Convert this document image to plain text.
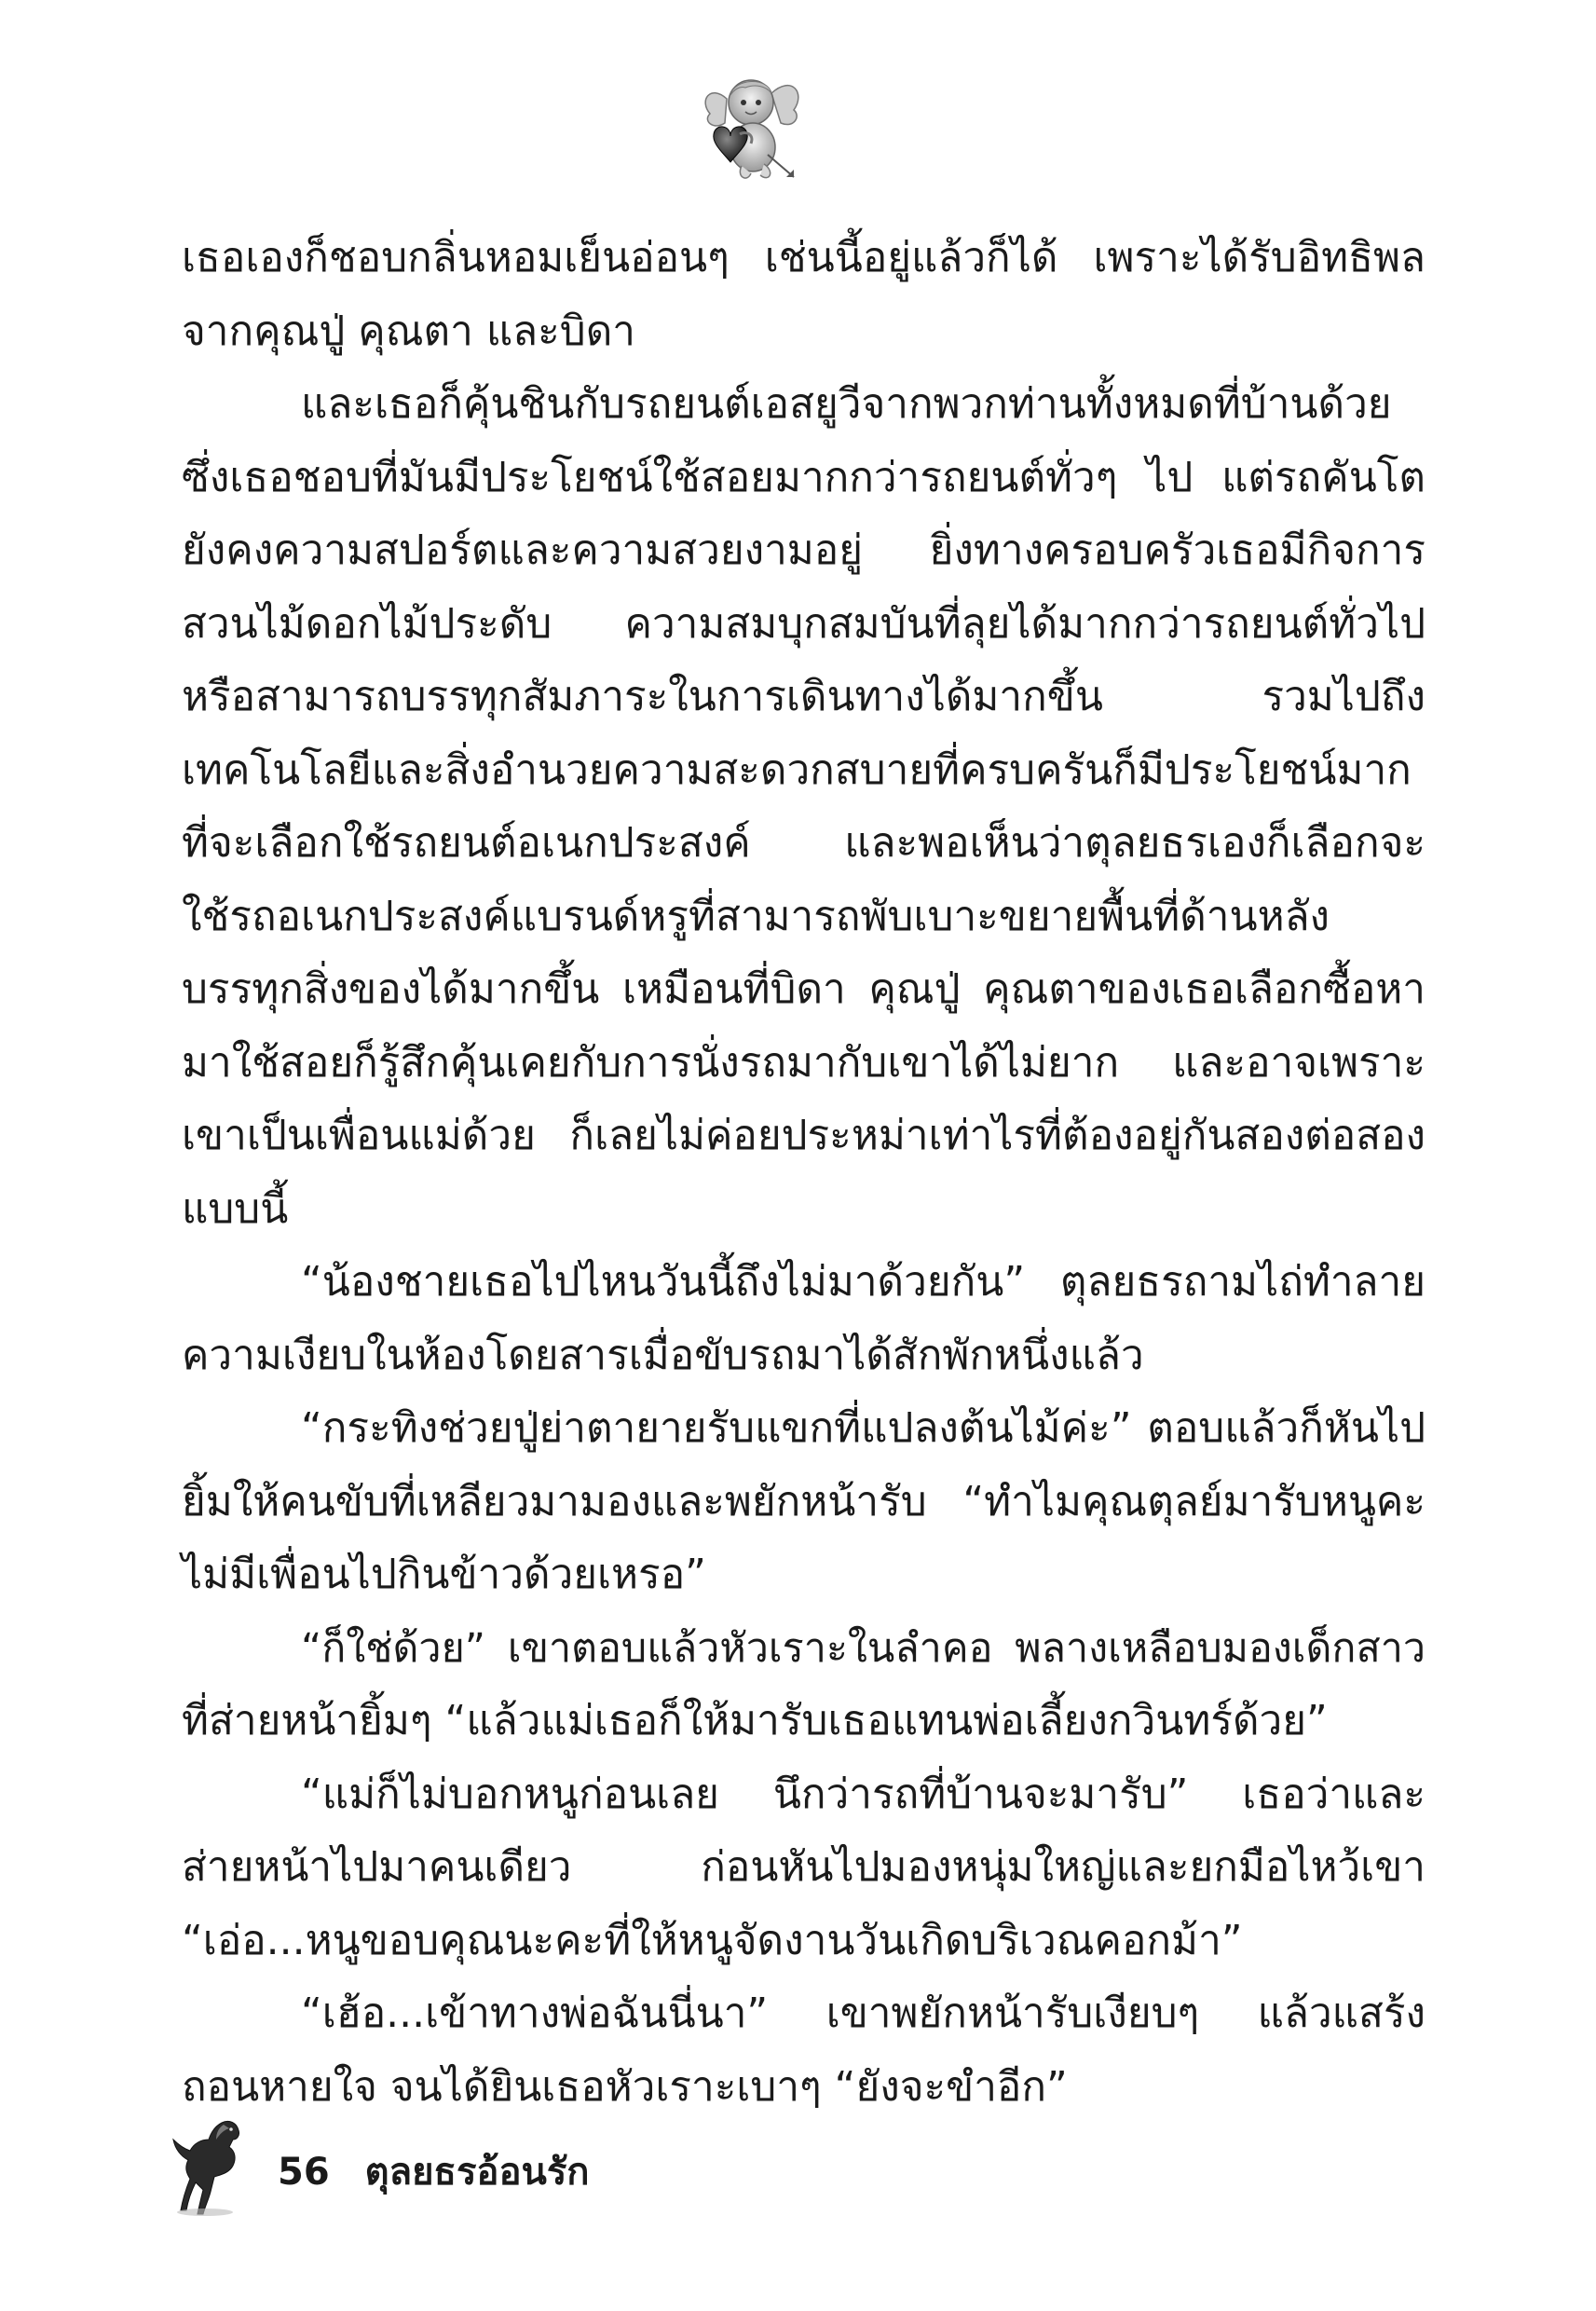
เธอเองก็ชอบกลิ่นหอมเย็นอ่อนๆ เช่นนี้อยู่แล้วก็ได้ เพราะได้รับอิทธิพล
จากคุณปู่ คุณตา และบิดา
และเธอก็คุ้นชินกับรถยนต์เอสยูวีจากพวกท่านทั้งหมดที่บ้านด้วย
ซึ่งเธอชอบที่มันมีประโยชน์ใช้สอยมากกว่ารถยนต์ทั่วๆ ไป แต่รถคันโต
ยังคงความสปอร์ตและความสวยงามอยู่ ยิ่งทางครอบครัวเธอมีกิจการ
สวนไม้ดอกไม้ประดับ ความสมบุกสมบันที่ลุยได้มากกว่ารถยนต์ทั่วไป
หรือสามารถบรรทุกสัมภาระในการเดินทางได้มากขึ้น รวมไปถึง
เทคโนโลยีและสิ่งอำนวยความสะดวกสบายที่ครบครันก็มีประโยชน์มาก
ที่จะเลือกใช้รถยนต์อเนกประสงค์ และพอเห็นว่าตุลยธรเองก็เลือกจะ
ใช้รถอเนกประสงค์แบรนด์หรูที่สามารถพับเบาะขยายพื้นที่ด้านหลัง
บรรทุกสิ่งของได้มากขึ้น เหมือนที่บิดา คุณปู่ คุณตาของเธอเลือกซื้อหา
มาใช้สอยก็รู้สึกคุ้นเคยกับการนั่งรถมากับเขาได้ไม่ยาก และอาจเพราะ
เขาเป็นเพื่อนแม่ด้วย ก็เลยไม่ค่อยประหม่าเท่าไรที่ต้องอยู่กันสองต่อสอง
แบบนี้
“น้องชายเธอไปไหนวันนี้ถึงไม่มาด้วยกัน” ตุลยธรถามไถ่ทำลาย
ความเงียบในห้องโดยสารเมื่อขับรถมาได้สักพักหนึ่งแล้ว
“กระทิงช่วยปู่ย่าตายายรับแขกที่แปลงต้นไม้ค่ะ” ตอบแล้วก็หันไป
ยิ้มให้คนขับที่เหลียวมามองและพยักหน้ารับ “ทำไมคุณตุลย์มารับหนูคะ
ไม่มีเพื่อนไปกินข้าวด้วยเหรอ”
“ก็ใช่ด้วย” เขาตอบแล้วหัวเราะในลำคอ พลางเหลือบมองเด็กสาว
ที่ส่ายหน้ายิ้มๆ “แล้วแม่เธอก็ให้มารับเธอแทนพ่อเลี้ยงกวินทร์ด้วย”
“แม่ก็ไม่บอกหนูก่อนเลย นึกว่ารถที่บ้านจะมารับ” เธอว่าและ
ส่ายหน้าไปมาคนเดียว ก่อนหันไปมองหนุ่มใหญ่และยกมือไหว้เขา
“เอ่อ...หนูขอบคุณนะคะที่ให้หนูจัดงานวันเกิดบริเวณคอกม้า”
“เฮ้อ...เข้าทางพ่อฉันนี่นา” เขาพยักหน้ารับเงียบๆ แล้วแสร้ง
ถอนหายใจ จนได้ยินเธอหัวเราะเบาๆ “ยังจะขำอีก”
56 ตุลยธรอ้อนรัก
